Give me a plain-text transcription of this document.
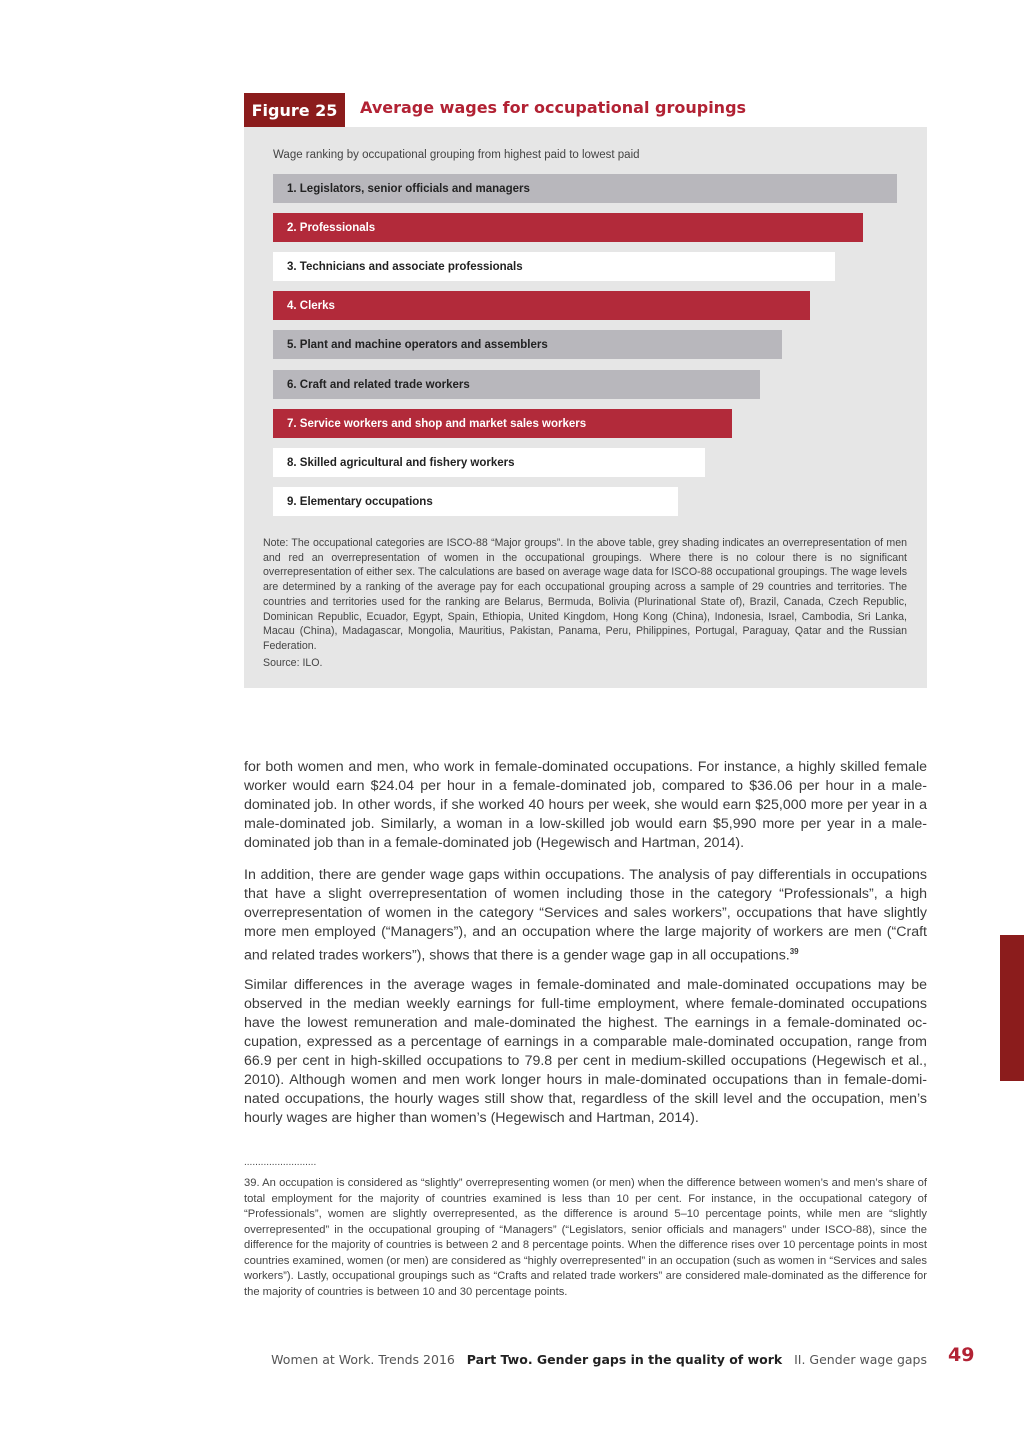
Figure 25	Average wages for occupational groupings
Wage ranking by occupational grouping from highest paid to lowest paid
1. Legislators, senior officials and managers
2. Professionals
3. Technicians and associate professionals
4. Clerks
5. Plant and machine operators and assemblers
6. Craft and related trade workers
7. Service workers and shop and market sales workers
8. Skilled agricultural and fishery workers
9. Elementary occupations
Note: The occupational categories are ISCO-88 “Major groups”. In the above table, grey shading indicates an overrepresentation of men and red an overrepresentation of women in the occupational groupings. Where there is no colour there is no significant overrepresentation of either sex. The calculations are based on average wage data for ISCO-88 occupational groupings. The wage levels are determined by a ranking of the average pay for each occupational grouping across a sample of 29 countries and territories. The countries and territories used for the ranking are Belarus, Bermuda, Bolivia (Plurinational State of), Brazil, Canada, Czech Republic, Dominican Republic, Ecuador, Egypt, Spain, Ethiopia, United Kingdom, Hong Kong (China), Indonesia, Israel, Cambodia, Sri Lanka, Macau (China), Madagascar, Mongolia, Mauritius, Pakistan, Panama, Peru, Philippines, Portugal, Paraguay, Qatar and the Russian Federation.
Source: ILO.

for both women and men, who work in female-dominated occupations. For instance, a highly skilled female worker would earn $24.04 per hour in a female-dominated job, compared to $36.06 per hour in a male-dominated job. In other words, if she worked 40 hours per week, she would earn $25,000 more per year in a male-dominated job. Similarly, a woman in a low-skilled job would earn $5,990 more per year in a male-dominated job than in a female-dominated job (Hegewisch and Hartman, 2014).

In addition, there are gender wage gaps within occupations. The analysis of pay differentials in occupations that have a slight overrepresentation of women including those in the category “Professionals”, a high overrepresentation of women in the category “Services and sales workers”, occupations that have slightly more men employed (“Managers”), and an occupation where the large majority of workers are men (“Craft and related trades workers”), shows that there is a gender wage gap in all occupations.$^{39}$

Similar differences in the average wages in female-dominated and male-dominated occupations may be observed in the median weekly earnings for full-time employment, where female-dominated occupations have the lowest remuneration and male-dominated the highest. The earnings in a female-dominated occupation, expressed as a percentage of earnings in a comparable male-dominated occupation, range from 66.9 per cent in high-skilled occupations to 79.8 per cent in medium-skilled occupations (Hegewisch et al., 2010). Although women and men work longer hours in male-dominated occupations than in female-dominated occupations, the hourly wages still show that, regardless of the skill level and the occupation, men’s hourly wages are higher than women’s (Hegewisch and Hartman, 2014).

..........................
39. An occupation is considered as “slightly” overrepresenting women (or men) when the difference between women’s and men’s share of total employment for the majority of countries examined is less than 10 per cent. For instance, in the occupational category of “Professionals”, women are slightly overrepresented, as the difference is around 5–10 percentage points, while men are “slightly overrepresented” in the occupational grouping of “Managers” (“Legislators, senior officials and managers” under ISCO-88), since the difference for the majority of countries is between 2 and 8 percentage points. When the difference rises over 10 percentage points in most countries examined, women (or men) are considered as “highly overrepresented” in an occupation (such as women in “Services and sales workers”). Lastly, occupational groupings such as “Crafts and related trade workers” are considered male-dominated as the difference for the majority of countries is between 10 and 30 percentage points.
Women at Work. Trends 2016 Part Two. Gender gaps in the quality of work II. Gender wage gaps 49
